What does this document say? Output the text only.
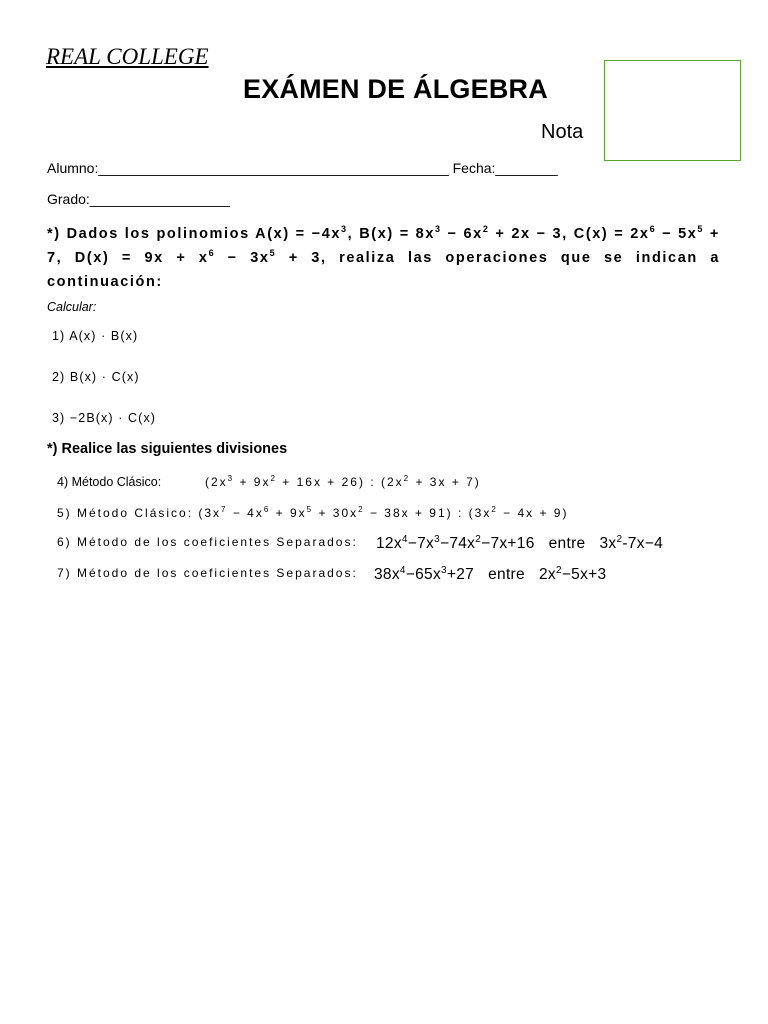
REAL COLLEGE
EXÁMEN DE ÁLGEBRA
Nota
Alumno:_____________________________________________ Fecha:________
Grado:__________________
*) Dados los polinomios $A(x) = -4x^3$, $B(x) = 8x^3 - 6x^2 + 2x - 3$, $C(x) = 2x^6 - 5x^5 + 7$, $D(x) = 9x + x^6 - 3x^5 + 3$, realiza las operaciones que se indican a continuación:
Calcular:
1) A(x) · B(x)
2) B(x) · C(x)
3) −2B(x) · C(x)
*) Realice las siguientes divisiones
4) Método Clásico:	$(2x^3 + 9x^2 + 16x + 26)$ : $(2x^2 + 3x + 7)$
5) Método Clásico: $(3x^7 - 4x^6 + 9x^5 + 30x^2 - 38x + 91)$ : $(3x^2 - 4x + 9)$
6) Método de los coeficientes Separados: $12x^4-7x^3-74x^2-7x+16$ entre $3x^2-7x-4$
7) Método de los coeficientes Separados: $38x^4-65x^3+27$ entre $2x^2-5x+3$
